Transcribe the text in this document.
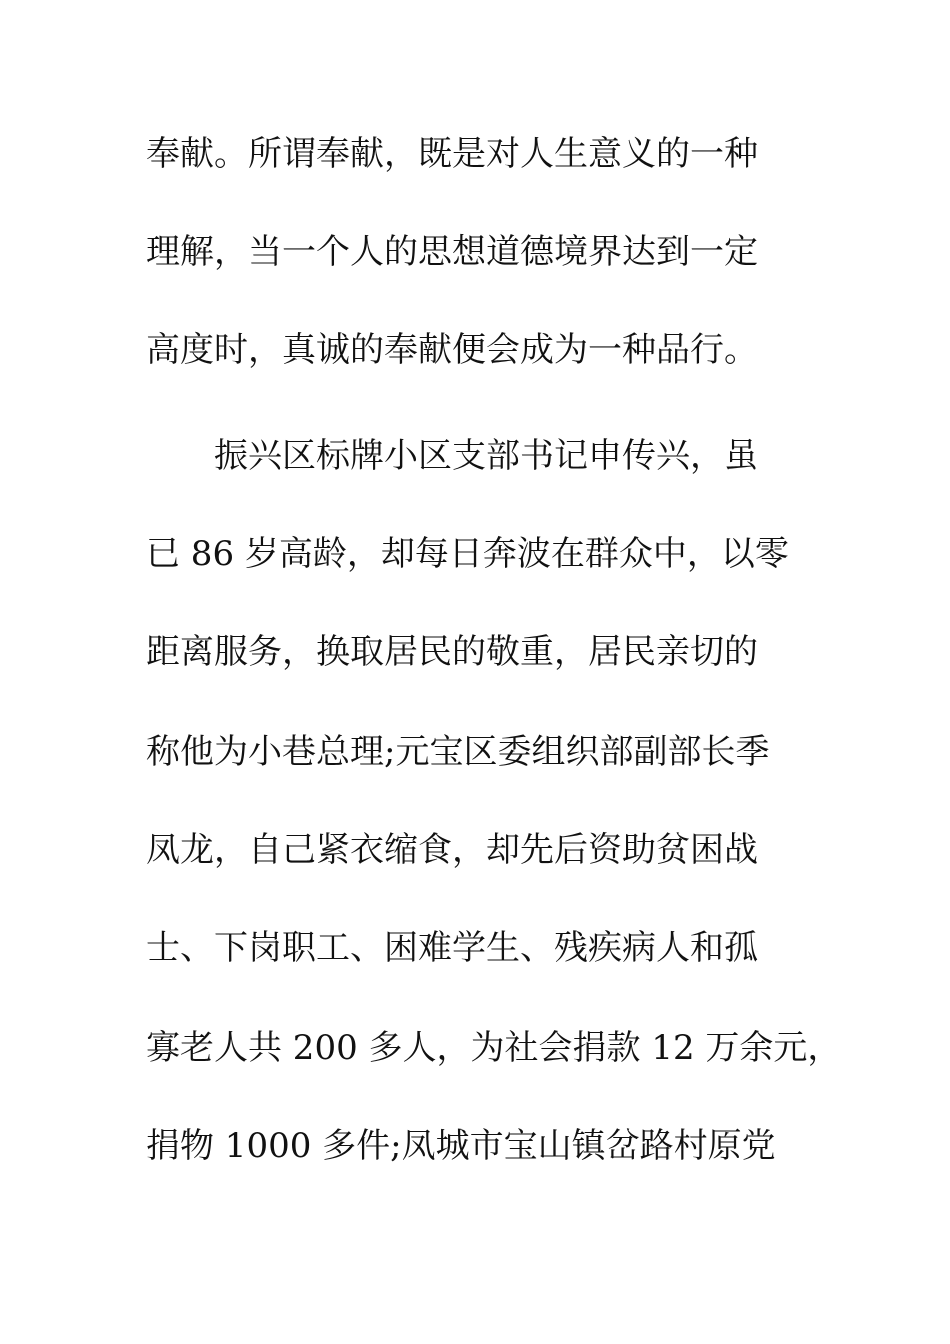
奉献。所谓奉献，既是对人生意义的一种
理解，当一个人的思想道德境界达到一定
高度时，真诚的奉献便会成为一种品行。
振兴区标牌小区支部书记申传兴，虽
已 86 岁高龄，却每日奔波在群众中，以零
距离服务，换取居民的敬重，居民亲切的
称他为小巷总理;元宝区委组织部副部长季
凤龙，自己紧衣缩食，却先后资助贫困战
士、下岗职工、困难学生、残疾病人和孤
寡老人共 200 多人，为社会捐款 12 万余元，
捐物 1000 多件;凤城市宝山镇岔路村原党
